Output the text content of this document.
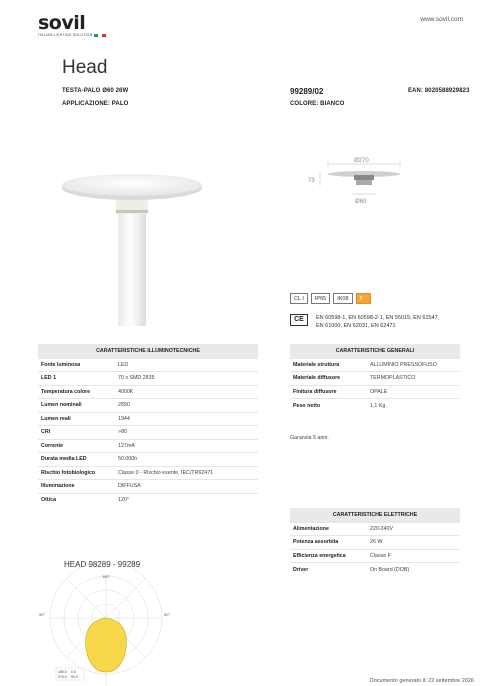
sovil
ITALIAN LIGHTING SOLUTION
www.sovil.com
Head
TESTA-PALO Ø60 26W
APPLICAZIONE: PALO
99289/02
COLORE: BIANCO
EAN: 8020588929823
Ø270
73
Ø60
CL I	IP65	IK08	F
CE	EN 60598-1, EN 60598-2-1, EN 55015, EN 61547,
EN 61000, EN 62031, EN 62471
CARATTERISTICHE ILLUMINOTECNICHE	
Fonte luminosa	LED
LED 1	70 x SMD 2835
Temperatura colore	4000K
Lumen nominali	2890
Lumen reali	1944
CRI	>80
Corrente	127mA
Durata media LED	50.000h
Rischio fotobiologico	Classe 0 - Rischio esente, IEC/TR62471
Illuminazione	DIFFUSA
Ottica	120°
CARATTERISTICHE GENERALI	
Materiale struttura	ALLUMINIO PRESSOFUSO
Materiale diffusore	TERMOPLASTICO
Finitura diffusore	OPALE
Peso netto	1,1 Kg.
Garanzia 5 anni.
CARATTERISTICHE ELETTRICHE	
Alimentazione	220-240V
Potenza assorbita	26 W
Efficienza energetica	Classe F
Driver	On Board (DOB)
HEAD 98289 - 99289
180°
90°	90°
180.0 0.0
270.0 90.0
Documento generato il: 22 settembre 2026
